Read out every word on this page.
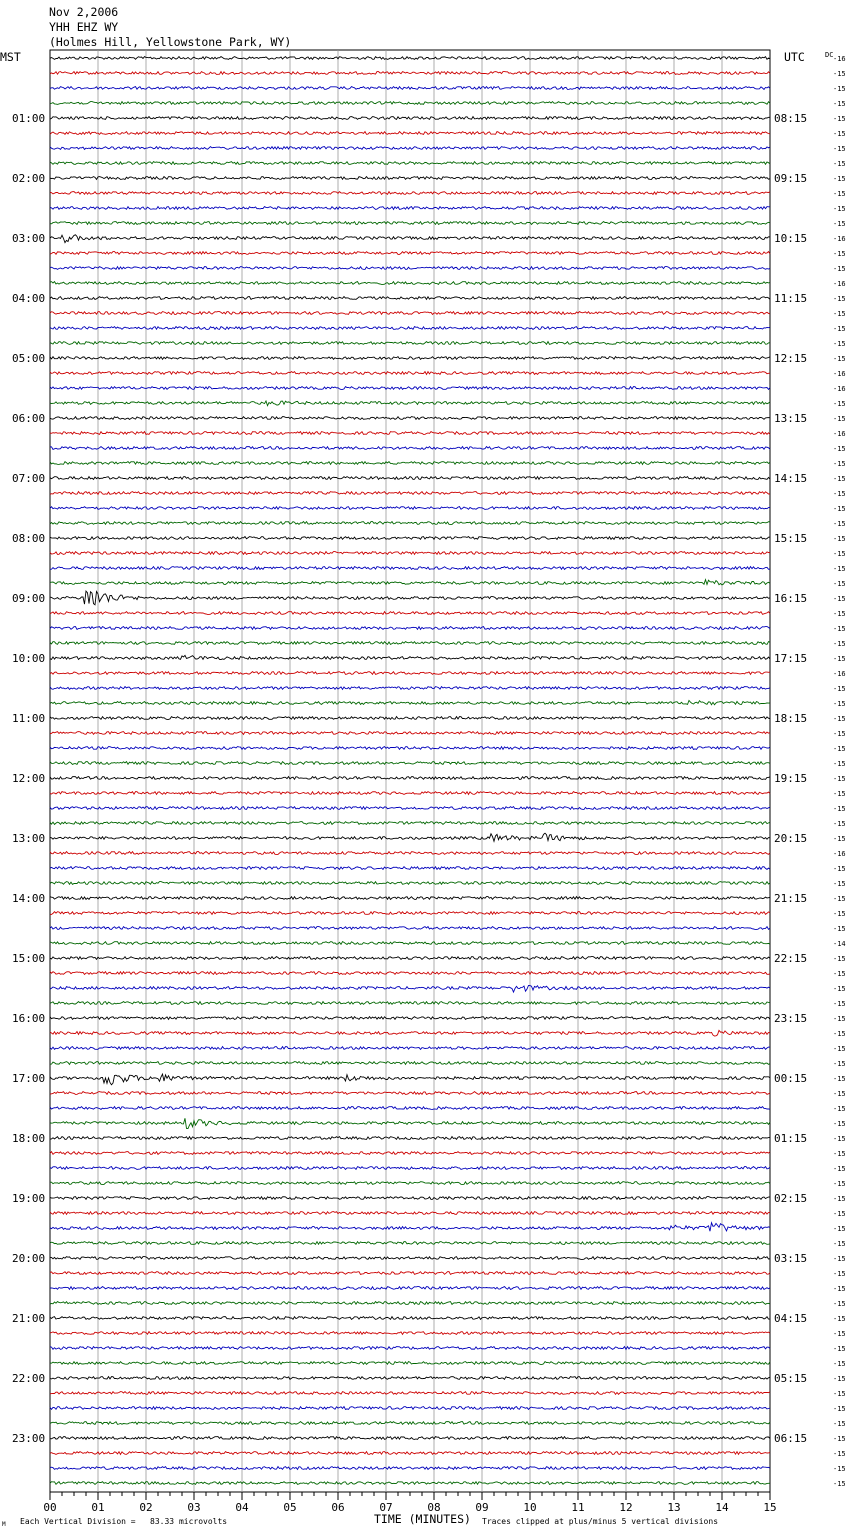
Nov 2,2006
YHH EHZ WY
(Holmes Hill, Yellowstone Park, WY)
MST	UTC	DC
01:00
02:00
03:00
04:00
05:00
06:00
07:00
08:00
09:00
10:00
11:00
12:00
13:00
14:00
15:00
16:00
17:00
18:00
19:00
20:00
21:00
22:00
23:00
08:15
09:15
10:15
11:15
12:15
13:15
14:15
15:15
16:15
17:15
18:15
19:15
20:15
21:15
22:15
23:15
00:15
01:15
02:15
03:15
04:15
05:15
06:15
-16
-15
-15
-15
-15
-15
-15
-15
-15
-15
-15
-15
-16
-15
-15
-16
-15
-15
-15
-15
-15
-16
-16
-15
-15
-16
-15
-15
-15
-15
-15
-15
-15
-15
-15
-15
-15
-15
-15
-15
-15
-16
-15
-15
-15
-15
-15
-15
-15
-15
-15
-15
-15
-16
-15
-15
-15
-15
-15
-14
-15
-15
-15
-15
-15
-15
-15
-15
-15
-15
-15
-15
-15
-15
-15
-15
-15
-15
-15
-15
-15
-15
-15
-15
-15
-15
-15
-15
-15
-15
-15
-15
-15
-15
-15
-15
00	01	02	03	04	05	06	07	08	09	10	11	12	13	14	15
M Each Vertical Division =   83.33 microvolts	TIME (MINUTES) Traces clipped at plus/minus 5 vertical divisions
